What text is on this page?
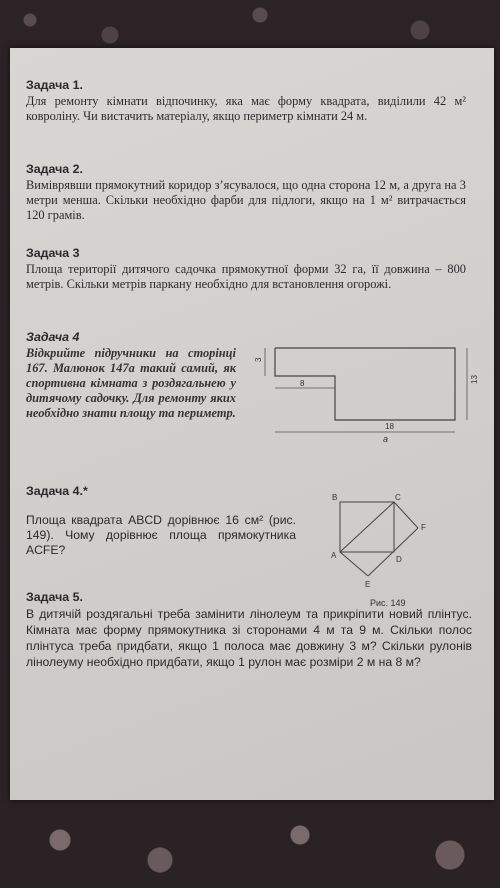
Задача 1.
Для ремонту кімнати відпочинку, яка має форму квадрата, виділили 42 м² ковроліну. Чи вистачить матеріалу, якщо периметр кімнати 24 м.
Задача 2.
Виміврявши прямокутний коридор з’ясувалося, що одна сторона 12 м, а друга на 3 метри менша. Скільки необхідно фарби для підлоги, якщо на 1 м² витрачається 120 грамів.
Задача 3
Площа території дитячого садочка прямокутної форми 32 га, її довжина – 800 метрів. Скільки метрів паркану необхідно для встановлення огорожі.
Задача 4
Відкрийте підручники на сторінці 167. Малюнок 147а такий самий, як спортивна кімната з роздягальнею у дитячому садочку. Для ремонту яких необхідно знати площу та периметр.
3
8	13
18
a
Задача 4.*
Площа квадрата ABCD дорівнює 16 см² (рис. 149). Чому дорівнює площа прямокутника ACFE?
B	C
F
A	D
E
Рис. 149
Задача 5.
В дитячій роздягальні треба замінити лінолеум та прикріпити новий плінтус. Кімната має форму прямокутника зі сторонами 4 м та 9 м. Скільки полос плінтуса треба придбати, якщо 1 полоса має довжину 3 м? Скільки рулонів лінолеуму необхідно придбати, якщо 1 рулон має розміри 2 м на 8 м?
